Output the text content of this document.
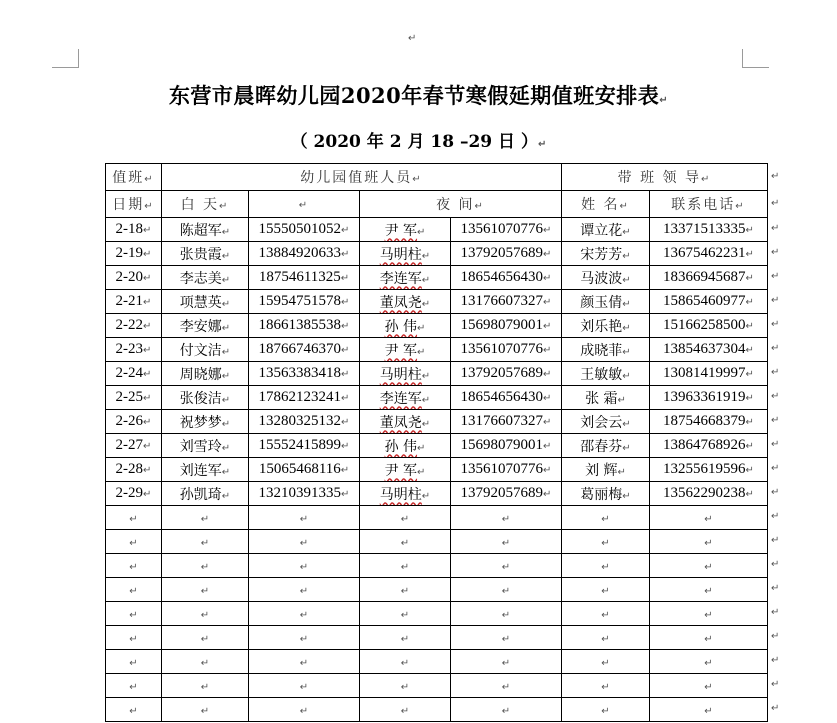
↵
东营市晨晖幼儿园2020年春节寒假延期值班安排表↵
（ 2020 年 2 月 18 –29 日 ）↵
值班↵	幼儿园值班人员↵				带 班 领 导↵	
日期↵	白 天↵	↵	夜 间↵		姓 名↵	联系电话↵
2-18↵	陈超军↵	15550501052↵	尹 军↵	13561070776↵	谭立花↵	13371513335↵
2-19↵	张贵霞↵	13884920633↵	马明柱↵	13792057689↵	宋芳芳↵	13675462231↵
2-20↵	李志美↵	18754611325↵	李连军↵	18654656430↵	马波波↵	18366945687↵
2-21↵	项慧英↵	15954751578↵	董凤尧↵	13176607327↵	颜玉倩↵	15865460977↵
2-22↵	李安娜↵	18661385538↵	孙 伟↵	15698079001↵	刘乐艳↵	15166258500↵
2-23↵	付文洁↵	18766746370↵	尹 军↵	13561070776↵	成晓菲↵	13854637304↵
2-24↵	周晓娜↵	13563383418↵	马明柱↵	13792057689↵	王敏敏↵	13081419997↵
2-25↵	张俊洁↵	17862123241↵	李连军↵	18654656430↵	张 霜↵	13963361919↵
2-26↵	祝梦梦↵	13280325132↵	董凤尧↵	13176607327↵	刘会云↵	18754668379↵
2-27↵	刘雪玲↵	15552415899↵	孙 伟↵	15698079001↵	邵春芬↵	13864768926↵
2-28↵	刘连军↵	15065468116↵	尹 军↵	13561070776↵	刘 辉↵	13255619596↵
2-29↵	孙凯琦↵	13210391335↵	马明柱↵	13792057689↵	葛丽梅↵	13562290238↵
↵	↵	↵	↵	↵	↵	↵
↵	↵	↵	↵	↵	↵	↵
↵	↵	↵	↵	↵	↵	↵
↵	↵	↵	↵	↵	↵	↵
↵	↵	↵	↵	↵	↵	↵
↵	↵	↵	↵	↵	↵	↵
↵	↵	↵	↵	↵	↵	↵
↵	↵	↵	↵	↵	↵	↵
↵	↵	↵	↵	↵	↵	↵
↵
↵
↵
↵
↵
↵
↵
↵
↵
↵
↵
↵
↵
↵
↵
↵
↵
↵
↵
↵
↵
↵
↵
